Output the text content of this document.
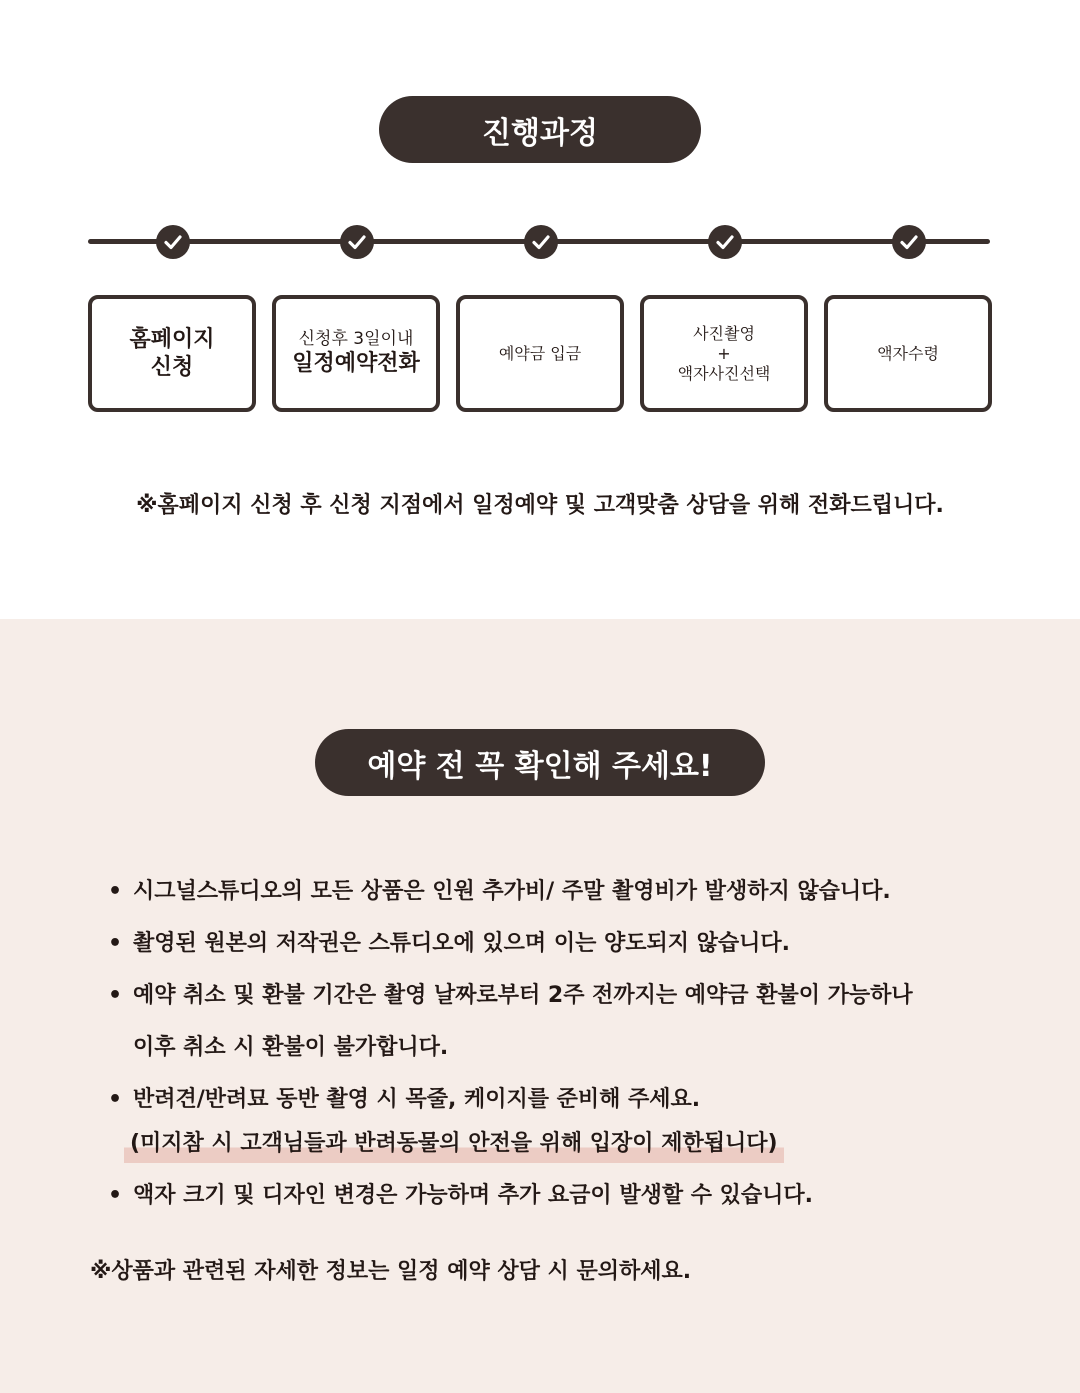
진행과정
홈페이지
신청
신청후 3일이내
일정예약전화	예약금 입금
사진촬영
+
액자사진선택
액자수령
※홈페이지 신청 후 신청 지점에서 일정예약 및 고객맞춤 상담을 위해 전화드립니다.
예약 전 꼭 확인해 주세요!
• 시그널스튜디오의 모든 상품은 인원 추가비/ 주말 촬영비가 발생하지 않습니다.
• 촬영된 원본의 저작권은 스튜디오에 있으며 이는 양도되지 않습니다.
• 예약 취소 및 환불 기간은 촬영 날짜로부터 2주 전까지는 예약금 환불이 가능하나
이후 취소 시 환불이 불가합니다.
• 반려견/반려묘 동반 촬영 시 목줄, 케이지를 준비해 주세요.
(미지참 시 고객님들과 반려동물의 안전을 위해 입장이 제한됩니다)
• 액자 크기 및 디자인 변경은 가능하며 추가 요금이 발생할 수 있습니다.
※상품과 관련된 자세한 정보는 일정 예약 상담 시 문의하세요.
